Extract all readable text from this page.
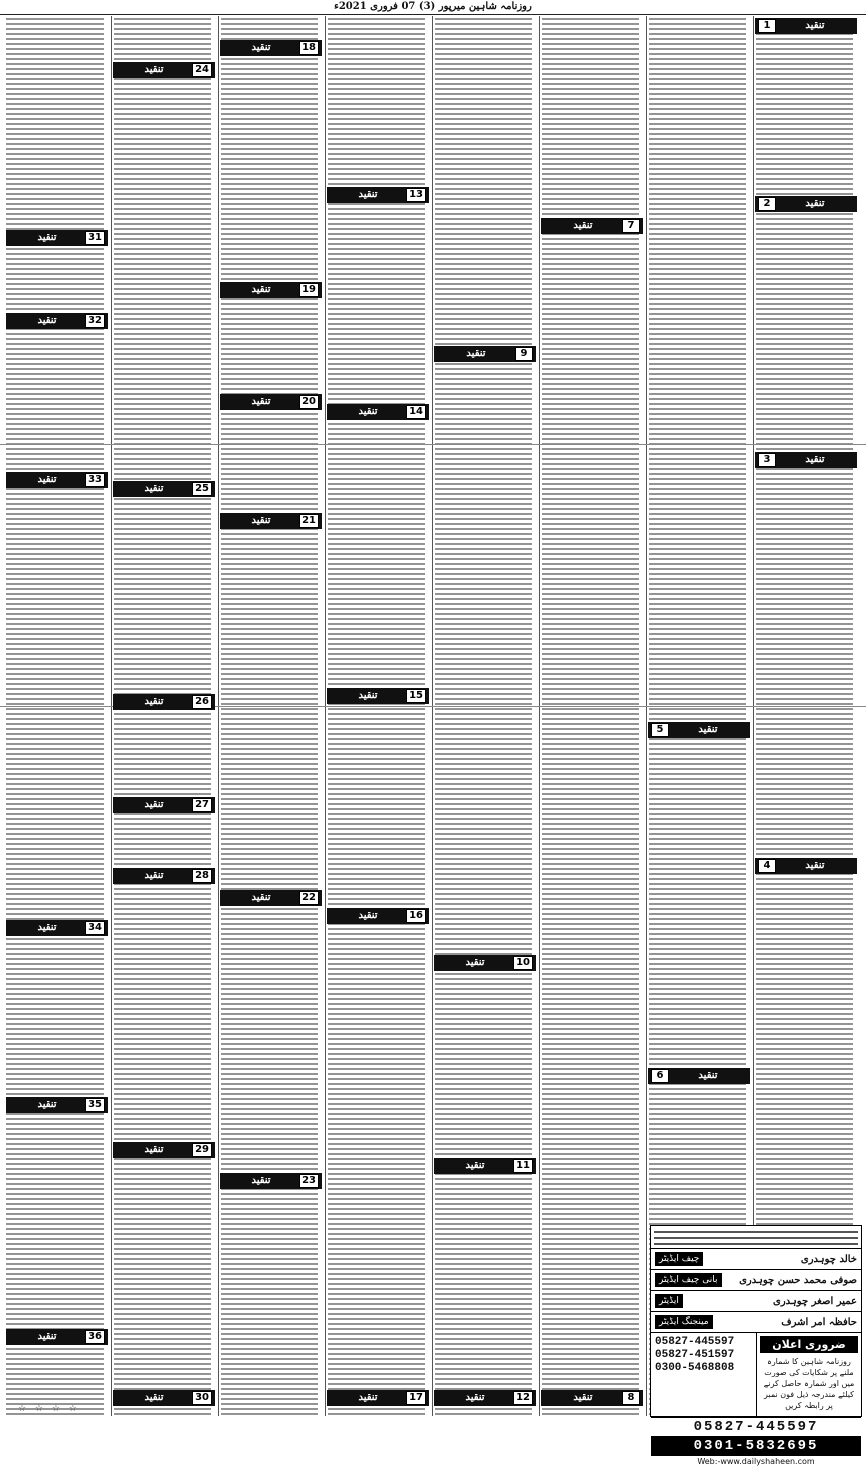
روزنامہ شاہین میرپور (3) 07 فروری 2021ء
1	تنقید
2	تنقید
3	تنقید
4	تنقید
5	تنقید
6	تنقید
تنقید	7
تنقید	8
تنقید	9
تنقید	10
تنقید	11
تنقید	12
تنقید	13
تنقید	14
تنقید	15
تنقید	16
تنقید	17
تنقید	18
تنقید	19
تنقید	20
تنقید	21
تنقید	22
تنقید	23
تنقید	24
تنقید	25
تنقید	26
تنقید	27
تنقید	28
تنقید	29
تنقید	30
تنقید	31
تنقید	32
تنقید	33
تنقید	34
تنقید	35
تنقید	36
چیف ایڈیٹر	خالد چوہدری
بانی چیف ایڈیٹر	صوفی محمد حسن چوہدری
ایڈیٹر	عمیر اصغر چوہدری
مینجنگ ایڈیٹر	حافظہ امر اشرف
05827-445597
05827-451597
0300-5468808
ضروری اعلان
روزنامہ شاہین کا شمارہ ملنے پر شکایات کی صورت میں اور شمارہ حاصل کرنے کیلئے مندرجہ ذیل فون نمبر پر رابطہ کریں
05827-445597
0301-5832695
Web:-www.dailyshaheen.com
☆ ☆ ☆ ☆
